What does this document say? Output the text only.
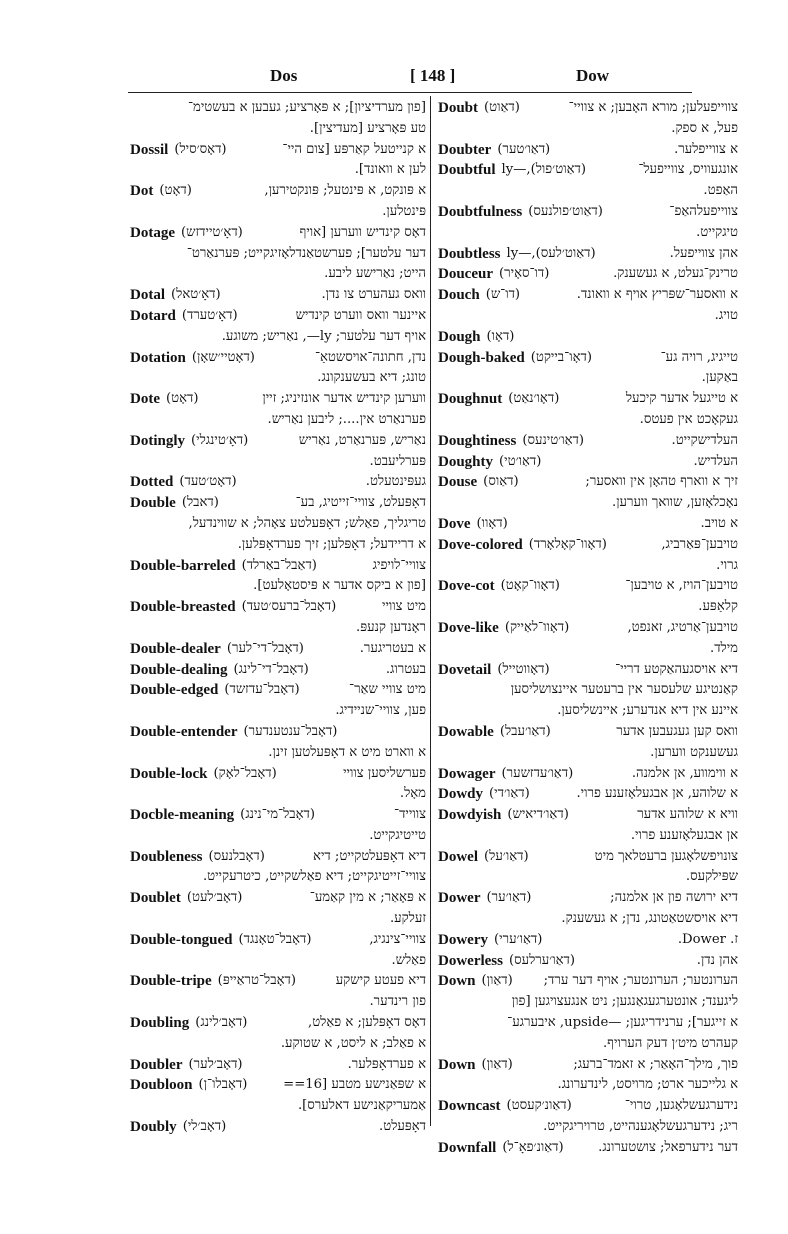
Dos	[ 148 ]	Dow
[פון מערדיציון]; א פּאָרציע; געבען א בעשטימ־
טע פּאָרציע [מעדיצין].
Dossil (דאָס׳סיל)	א קנייטעל קאַרפּע [צום היי־
לען א וואונד].
Dot (דאָט)	א פּונקט, א פּינטעל; פּונקטירען,
פּינטלען.
Dotage (דאָ׳טיידזש)	דאָס קינדיש ווערען [אויף
דער עלטער]; פערשטאַנדלאָזיגקייט; פּערנאַרט־
הייט; נאַרישע ליבע.
Dotal (דאָ׳טאל)	וואס געהערט צו נדן.
Dotard (דאָ׳טערד)	איינער וואס ווערט קינדיש
אויף דער עלטער; ly—, נאַריש; משוגע.
Dotation (דאָטיי׳שאָן)	נדן, חתונה־אויסשטאַ־
טונג; דיא בעשענקונג.
Dote (דאָט)	ווערען קינדיש אדער אונזיניג; זיין
פערנאַרט אין....; ליבען נאַריש.
Dotingly (דאָ׳טינגלי)	נאַריש, פּערנאַרט, נאַריש
פּערליעבט.
Dotted (דאָט׳טעד)	געפּינטעלט.
Double (דאבל)	דאָפּעלט, צוויי־זייטיג, בע־
טריגליך, פאַלש; דאָפּעלטע צאָהל; א שווינדעל,
א דריידעל; דאָפּלען; זיך פערדאָפּלען.
Double-barreled (דאַבל־באַרלד)	צוויי־לויפיג
[פון א ביקס אדער א פּיסטאָלעט].
Double-breasted (דאָבל־ברעס׳טעד)	מיט צוויי
ראָנדען קנעפּ.
Double-dealer (דאָבל־די־לער)	א בעטריגער.
Double-dealing (דאָבל־די־לינג)	בעטרוג.
Double-edged (דאָבל־עדזשד)	מיט צוויי שאַר־
פען, צוויי־שניידיג.
Double-entender (דאָבל־ענטענדער)
א ווארט מיט א דאָפּעלטען זינן.
Double-lock (דאָבל־לאָק)	פערשליסען צוויי
מאָל.
Docble-meaning (דאָבל־מי־נינג)	צווייד־
טייטיגקייט.
Doubleness (דאָבלנעס)	דיא דאָפּעלטקייט; דיא
צוויי־זייטיגקייט; דיא פאַלשקייט, כיטרעקייט.
Doublet (דאָב׳לעט)	א פּאָאַר; א מין קאַמע־
זעלקע.
Double-tongued (דאָבל־טאָנגד)	צוויי־צינגיג,
פאַלש.
Double-tripe (דאָבל־טראַייפּ)	דיא פעטע קישקע
פון רינדער.
Doubling (דאָב׳לינג)	דאָס דאָפּלען; א פאַלט,
א פאַלב; א ליסט, א שטוקע.
Doubler (דאָב׳לער)	א פערדאָפּלער.
Doubloon (דאָבלו־ן)	א שפּאַנישע מטבע [16==
אַמעריקאַנישע דאלערס].
Doubly (דאָב׳לי)	דאָפּעלט.
Doubt (דאַוט)	צווייפעלען; מורא האָבען; א צוויי־
פעל, א ספק.
Doubter (דאַו׳טער)	א צווייפלער.
Doubtful (דאַוט׳פול),—ly	אונגעוויס, צווייפעל־
האַפט.
Doubtfulness (דאַוט׳פולנעס)	צווייפעלהאַפ־
טיגקייט.
Doubtless (דאַוט׳לעס),—ly	אהן צווייפעל.
Douceur (דו־סאָיר)	טרינק־געלט, א געשענק.
Douch (דו־ש)	א וואסער־שפּריץ אויף א וואונד.
טויג.
Dough (דאָו)
Dough-baked (דאָו־בייקט)	טייגיג, רויה גע־
באַקען.
Doughnut (דאָו׳נאַט)	א טייגעל אדער קיכעל
געקאָכט אין פעטס.
Doughtiness (דאַו׳טינעס)	העלדישקייט.
Doughty (דאַו׳טי)	העלדיש.
Douse (דאַוס)	זיך א ווארף טהאָן אין וואסער;
נאָכלאָזען, שוואך ווערען.
Dove (דאָוו)	א טויב.
Dove-colored (דאָוו־קאָלאָרד)	טויבען־פּאַרביג,
גרוי.
Dove-cot (דאָוו־קאָט)	טויבען־הויז, א טויבען־
קלאַפּע.
Dove-like (דאָוו־לאַייק)	טויבען־אַרטיג, זאנפט,
מילד.
Dovetail (דאָווטייל)	דיא אויסגעהאַקטע דריי־
קאַנטיגע שלעסער אין ברעטער איינצושליסען
איינע אין דיא אנדערע; איינשליסען.
Dowable (דאַו׳עבל)	וואס קען געגעבען אדער
געשענקט ווערען.
Dowager (דאַו׳עדזשער)	א ווימווע, אן אלמנה.
Dowdy (דאַו׳די)	א שלוהע, אן אבגעלאָזענע פרוי.
Dowdyish (דאַו׳דיאיש)	וויא א שלוהע אדער
אן אבגעלאָזענע פרוי.
Dowel (דאַו׳על)	צונויפשלאָגען ברעטלאך מיט
שפּילקעס.
Dower (דאַו׳ער)	דיא ירושה פון אן אלמנה;
דיא אויסשטאַטונג, נדן; א געשענק.
Dowery (דאַו׳ערי)	ז. Dower.
Dowerless (דאַו׳ערלעס)	אהן נדן.
Down (דאַון)	הערונטער; הערונטער; אויף דער ערד;
ליגענד; אונטערגעגאַנגען; ניט אנגעצויגען [פון
א זייגער]; ערנידריגען; —upside, איבערגע־
קעהרט מיט׳ן דעק הערויף.
Down (דאַון)	פוך, מילך־האָאַר; א זאמד־ברעג;
א גלייכער ארט; מרויסט, לינדערונג.
Downcast (דאַונ׳קעסט)	נידערגעשלאָגען, טרוי־
ריג; נידערגעשלאָגענהייט, טרויריגקייט.
Downfall (דאַונ׳פאָ־ל)	דער נידערפאל; צושטערונג.
